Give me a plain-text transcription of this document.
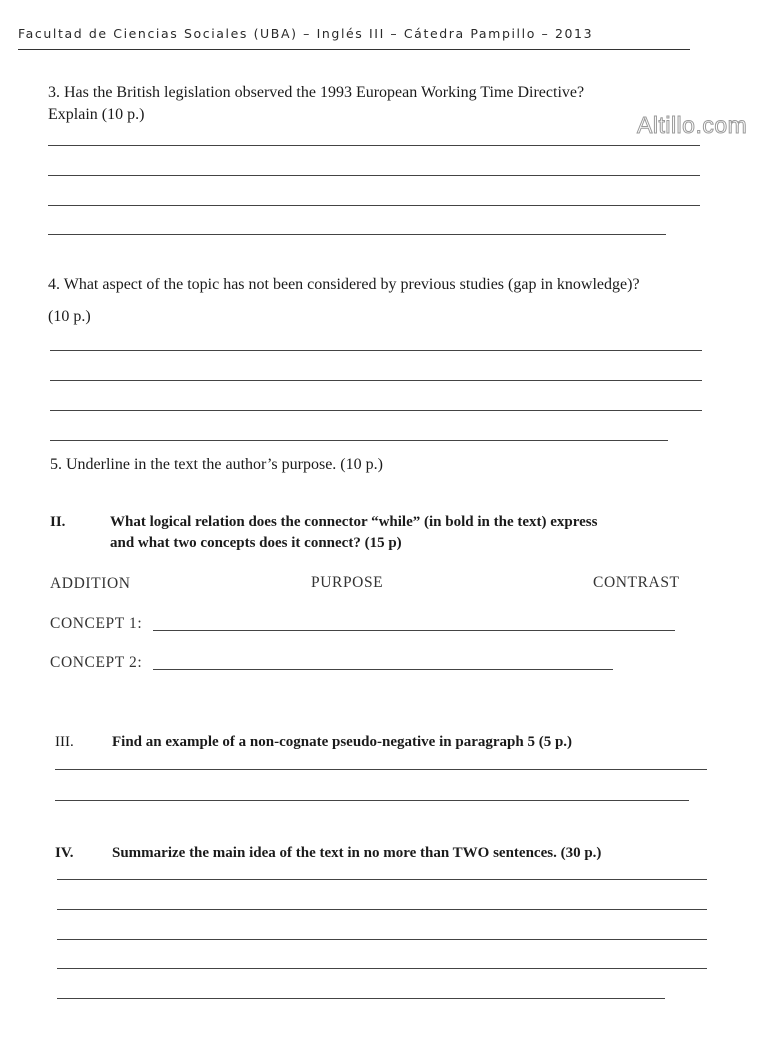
Facultad de Ciencias Sociales (UBA) – Inglés III – Cátedra Pampillo – 2013
Altillo.com
3. Has the British legislation observed the 1993 European Working Time Directive?
Explain (10 p.)
4. What aspect of the topic has not been considered by previous studies (gap in knowledge)?
(10 p.)
5. Underline in the text the author’s purpose. (10 p.)
II.	What logical relation does the connector “while” (in bold in the text) express
and what two concepts does it connect? (15 p)
ADDITION	PURPOSE	CONTRAST
CONCEPT 1:
CONCEPT 2:
III.	Find an example of a non-cognate pseudo-negative in paragraph 5 (5 p.)
IV.	Summarize the main idea of the text in no more than TWO sentences. (30 p.)
